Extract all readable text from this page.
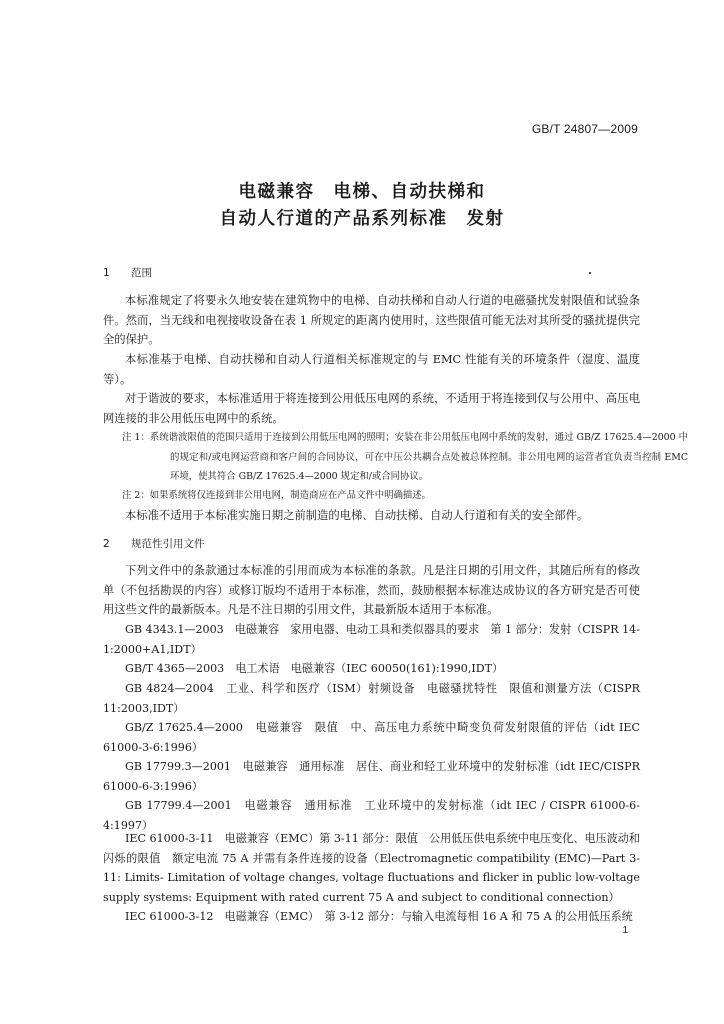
GB/T 24807—2009
电磁兼容　电梯、自动扶梯和
自动人行道的产品系列标准　发射
1 范围

本标准规定了将要永久地安装在建筑物中的电梯、自动扶梯和自动人行道的电磁骚扰发射限值和试验条件。然而，当无线和电视接收设备在表 1 所规定的距离内使用时，这些限值可能无法对其所受的骚扰提供完全的保护。

本标准基于电梯、自动扶梯和自动人行道相关标准规定的与 EMC 性能有关的环境条件（湿度、温度等）。

对于谐波的要求，本标准适用于将连接到公用低压电网的系统，不适用于将连接到仅与公用中、高压电网连接的非公用低压电网中的系统。

注 1：系统谐波限值的范围只适用于连接到公用低压电网的照明；安装在非公用低压电网中系统的发射，通过 GB/Z 17625.4—2000 中的规定和/或电网运营商和客户间的合同协议，可在中压公共耦合点处被总体控制。非公用电网的运营者宜负责当控制 EMC 环境，使其符合 GB/Z 17625.4—2000 规定和/或合同协议。

注 2：如果系统将仅连接到非公用电网，制造商应在产品文件中明确描述。

本标准不适用于本标准实施日期之前制造的电梯、自动扶梯、自动人行道和有关的安全部件。

2 规范性引用文件

下列文件中的条款通过本标准的引用而成为本标准的条款。凡是注日期的引用文件，其随后所有的修改单（不包括勘误的内容）或修订版均不适用于本标准，然而，鼓励根据本标准达成协议的各方研究是否可使用这些文件的最新版本。凡是不注日期的引用文件，其最新版本适用于本标准。

GB 4343.1—2003　电磁兼容　家用电器、电动工具和类似器具的要求　第 1 部分：发射（CISPR 14-1:2000+A1,IDT）

GB/T 4365—2003　电工术语　电磁兼容（IEC 60050(161):1990,IDT）

GB 4824—2004　工业、科学和医疗（ISM）射频设备　电磁骚扰特性　限值和测量方法（CISPR 11:2003,IDT）

GB/Z 17625.4—2000　电磁兼容　限值　中、高压电力系统中畸变负荷发射限值的评估（idt IEC 61000-3-6:1996）

GB 17799.3—2001　电磁兼容　通用标准　居住、商业和轻工业环境中的发射标准（idt IEC/CISPR 61000-6-3:1996）

GB 17799.4—2001　电磁兼容　通用标准　工业环境中的发射标准（idt IEC / CISPR 61000-6-4:1997）

IEC 61000-3-11　电磁兼容（EMC）第 3-11 部分：限值　公用低压供电系统中电压变化、电压波动和闪烁的限值　额定电流 75 A 并需有条件连接的设备（Electromagnetic compatibility (EMC)—Part 3-11: Limits- Limitation of voltage changes, voltage fluctuations and flicker in public low-voltage supply systems: Equipment with rated current 75 A and subject to conditional connection）

IEC 61000-3-12　电磁兼容（EMC）　第 3-12 部分：与输入电流每相 16 A 和 75 A 的公用低压系统

1
